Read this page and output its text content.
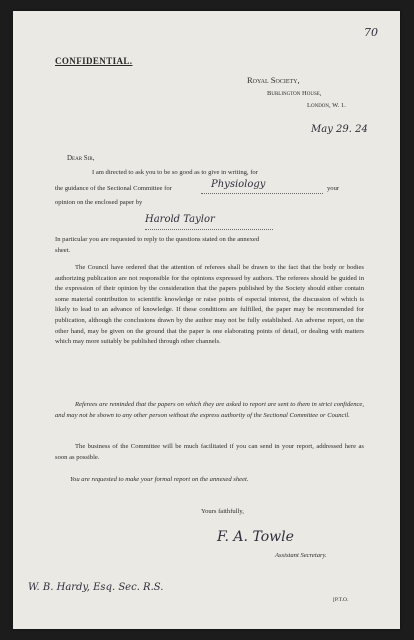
70
CONFIDENTIAL.
Royal Society,
Burlington House,
London, W. 1.
May 29. 24
Dear Sir,
I am directed to ask you to be so good as to give in writing, for
the guidance of the Sectional Committee for	Physiology	your
opinion on the enclosed paper by
Harold Taylor
In particular you are requested to reply to the questions stated on the annexed
sheet.
The Council have ordered that the attention of referees shall be drawn to the fact that the body or bodies authorizing publication are not responsible for the opinions expressed by authors. The referees should be guided in the expression of their opinion by the consideration that the papers published by the Society should either contain some material contribution to scientific knowledge or raise points of especial interest, the discussion of which is likely to lead to an advance of knowledge. If these conditions are fulfilled, the paper may be recommended for publication, although the conclusions drawn by the author may not be fully established. An adverse report, on the other hand, may be given on the ground that the paper is one elaborating points of detail, or dealing with matters which may more suitably be published through other channels.
Referees are reminded that the papers on which they are asked to report are sent to them in strict confidence, and may not be shown to any other person without the express authority of the Sectional Committee or Council.
The business of the Committee will be much facilitated if you can send in your report, addressed here as soon as possible.
You are requested to make your formal report on the annexed sheet.
Yours faithfully,
F. A. Towle
Assistant Secretary.
W. B. Hardy, Esq. Sec. R.S.
[P.T.O.
